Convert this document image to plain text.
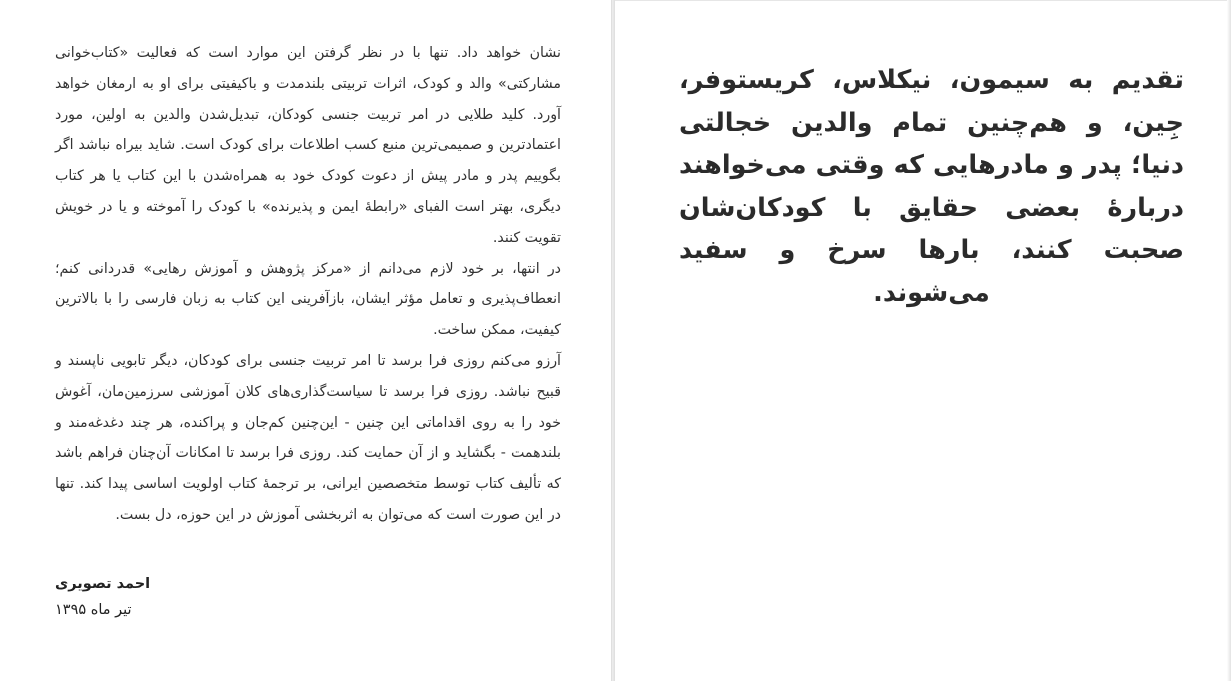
نشان خواهد داد. تنها با در نظر گرفتن این موارد است که فعالیت «کتاب‌خوانی مشارکتی» والد و کودک، اثرات تربیتی بلندمدت و باکیفیتی برای او به ارمغان خواهد آورد. کلید طلایی در امر تربیت جنسی کودکان، تبدیل‌شدن والدین به اولین، مورد اعتمادترین و صمیمی‌ترین منبع کسب اطلاعات برای کودک است. شاید بیراه نباشد اگر بگوییم پدر و مادر پیش از دعوت کودک خود به همراه‌شدن با این کتاب یا هر کتاب دیگری، بهتر است الفبای «رابطهٔ ایمن و پذیرنده» با کودک را آموخته و یا در خویش تقویت کنند.

در انتها، بر خود لازم می‌دانم از «مرکز پژوهش و آموزش رهایی» قدردانی کنم؛ انعطاف‌پذیری و تعامل مؤثر ایشان، بازآفرینی این کتاب به زبان فارسی را با بالاترین کیفیت، ممکن ساخت.

آرزو می‌کنم روزی فرا برسد تا امر تربیت جنسی برای کودکان، دیگر تابویی ناپسند و قبیح نباشد. روزی فرا برسد تا سیاست‌گذاری‌های کلان آموزشی سرزمین‌مان، آغوش خود را به روی اقداماتی این چنین - این‌چنین کم‌جان و پراکنده، هر چند دغدغه‌مند و بلندهمت - بگشاید و از آن حمایت کند. روزی فرا برسد تا امکانات آن‌چنان فراهم باشد که تألیف کتاب توسط متخصصین ایرانی، بر ترجمهٔ کتاب اولویت اساسی پیدا کند. تنها در این صورت است که می‌توان به اثربخشی آموزش در این حوزه، دل بست.

احمد تصویری
تیر ماه ۱۳۹۵
تقدیم به سیمون، نیکلاس، کریستوفر، جِین، و هم‌چنین تمام والدین خجالتی دنیا؛ پدر و مادرهایی که وقتی می‌خواهند دربارهٔ بعضی حقایق با کودکان‌شان صحبت کنند، بارها سرخ و سفید می‌شوند.
